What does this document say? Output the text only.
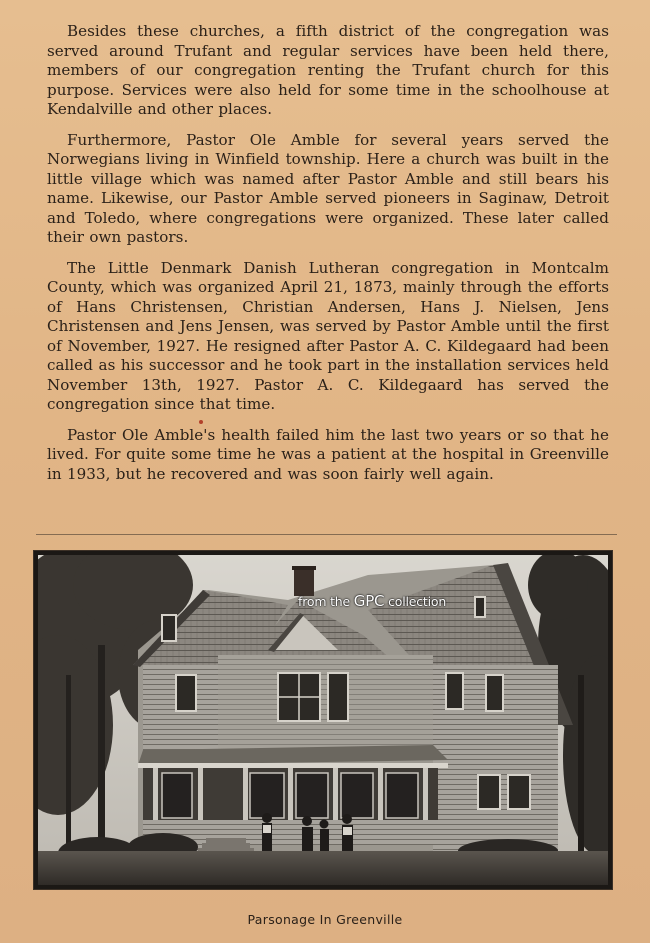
Besides these churches, a fifth district of the congregation was served around Trufant and regular services have been held there, members of our congregation renting the Trufant church for this purpose. Services were also held for some time in the schoolhouse at Kendalville and other places.

Furthermore, Pastor Ole Amble for several years served the Norwegians living in Winfield township. Here a church was built in the little village which was named after Pastor Amble and still bears his name. Likewise, our Pastor Amble served pioneers in Saginaw, Detroit and Toledo, where congregations were organized. These later called their own pastors.

The Little Denmark Danish Lutheran congregation in Montcalm County, which was organized April 21, 1873, mainly through the efforts of Hans Christensen, Christian Andersen, Hans J. Nielsen, Jens Christensen and Jens Jensen, was served by Pastor Amble until the first of November, 1927. He resigned after Pastor A. C. Kildegaard had been called as his successor and he took part in the installation services held November 13th, 1927. Pastor A. C. Kildegaard has served the congregation since that time.

Pastor Ole Amble's health failed him the last two years or so that he lived. For quite some time he was a patient at the hospital in Greenville in 1933, but he recovered and was soon fairly well again.

from the GPC collection
Parsonage In Greenville
